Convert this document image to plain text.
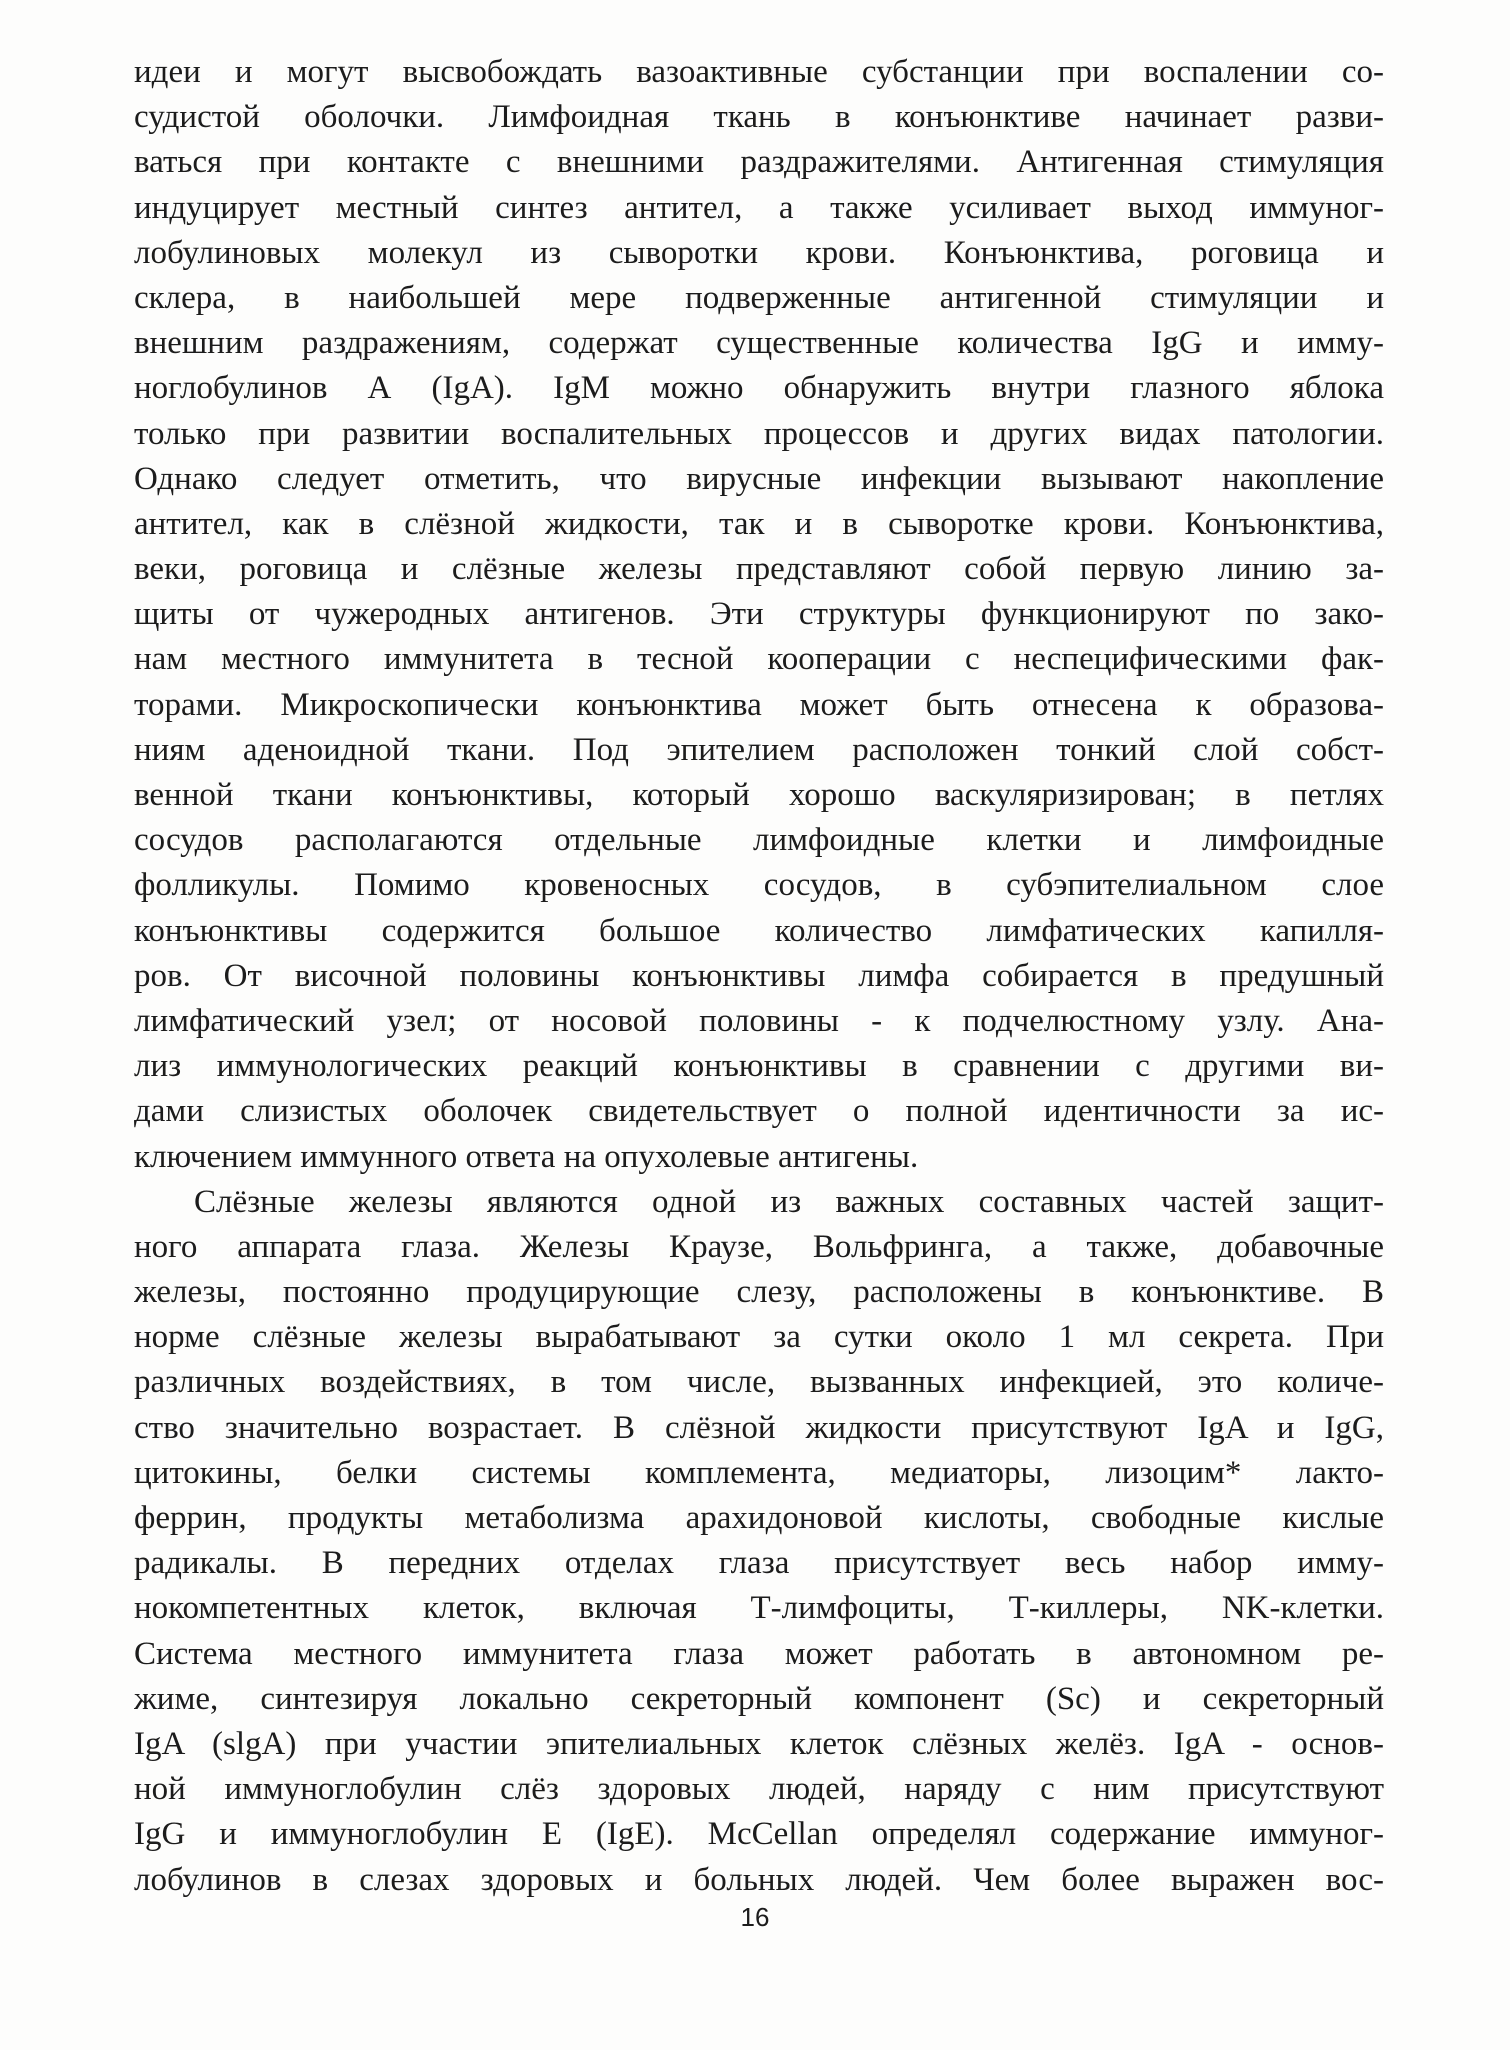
идеи и могут высвобождать вазоактивные субстанции при воспалении со-
судистой оболочки. Лимфоидная ткань в конъюнктиве начинает разви-
ваться при контакте с внешними раздражителями. Антигенная стимуляция
индуцирует местный синтез антител, а также усиливает выход иммуног-
лобулиновых молекул из сыворотки крови. Конъюнктива, роговица и
склера, в наибольшей мере подверженные антигенной стимуляции и
внешним раздражениям, содержат существенные количества IgG и имму-
ноглобулинов А (IgA). IgM можно обнаружить внутри глазного яблока
только при развитии воспалительных процессов и других видах патологии.
Однако следует отметить, что вирусные инфекции вызывают накопление
антител, как в слёзной жидкости, так и в сыворотке крови. Конъюнктива,
веки, роговица и слёзные железы представляют собой первую линию за-
щиты от чужеродных антигенов. Эти структуры функционируют по зако-
нам местного иммунитета в тесной кооперации с неспецифическими фак-
торами. Микроскопически конъюнктива может быть отнесена к образова-
ниям аденоидной ткани. Под эпителием расположен тонкий слой собст-
венной ткани конъюнктивы, который хорошо васкуляризирован; в петлях
сосудов располагаются отдельные лимфоидные клетки и лимфоидные
фолликулы. Помимо кровеносных сосудов, в субэпителиальном слое
конъюнктивы содержится большое количество лимфатических капилля-
ров. От височной половины конъюнктивы лимфа собирается в предушный
лимфатический узел; от носовой половины - к подчелюстному узлу. Ана-
лиз иммунологических реакций конъюнктивы в сравнении с другими ви-
дами слизистых оболочек свидетельствует о полной идентичности за ис-
ключением иммунного ответа на опухолевые антигены.
Слёзные железы являются одной из важных составных частей защит-
ного аппарата глаза. Железы Краузе, Вольфринга, а также, добавочные
железы, постоянно продуцирующие слезу, расположены в конъюнктиве. В
норме слёзные железы вырабатывают за сутки около 1 мл секрета. При
различных воздействиях, в том числе, вызванных инфекцией, это количе-
ство значительно возрастает. В слёзной жидкости присутствуют IgA и IgG,
цитокины, белки системы комплемента, медиаторы, лизоцим* лакто-
феррин, продукты метаболизма арахидоновой кислоты, свободные кислые
радикалы. В передних отделах глаза присутствует весь набор имму-
нокомпетентных клеток, включая Т-лимфоциты, Т-киллеры, NK-клетки.
Система местного иммунитета глаза может работать в автономном ре-
жиме, синтезируя локально секреторный компонент (Sc) и секреторный
IgA (slgA) при участии эпителиальных клеток слёзных желёз. IgA - основ-
ной иммуноглобулин слёз здоровых людей, наряду с ним присутствуют
IgG и иммуноглобулин Е (IgE). McCellan определял содержание иммуног-
лобулинов в слезах здоровых и больных людей. Чем более выражен вос-
16
